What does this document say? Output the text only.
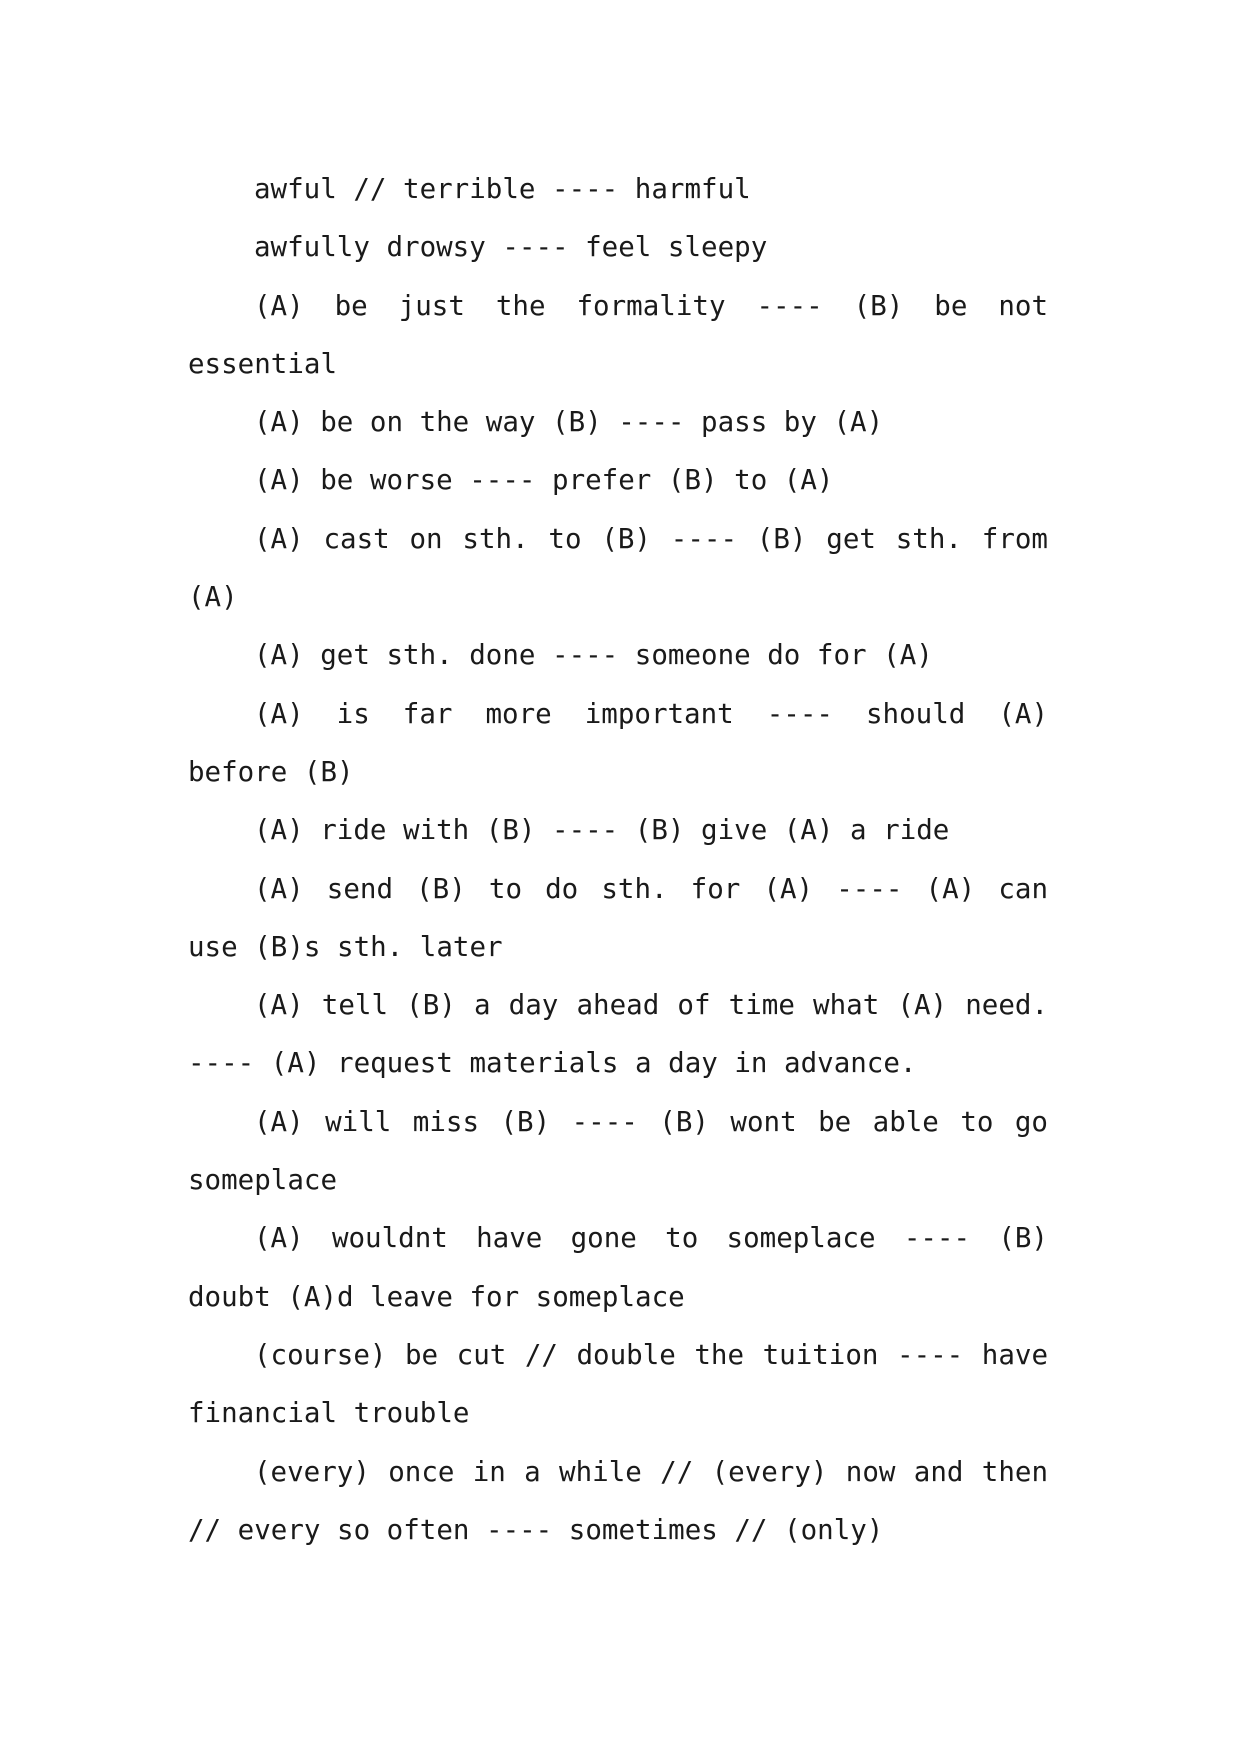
awful // terrible ---- harmful

awfully drowsy ---- feel sleepy

(A) be just the formality ---- (B) be not essential

(A) be on the way (B) ---- pass by (A)

(A) be worse ---- prefer (B) to (A)

(A) cast on sth. to (B) ---- (B) get sth. from (A)

(A) get sth. done ---- someone do for (A)

(A) is far more important ---- should (A) before (B)

(A) ride with (B) ---- (B) give (A) a ride

(A) send (B) to do sth. for (A) ---- (A) can use (B)s sth. later

(A) tell (B) a day ahead of time what (A) need. ---- (A) request materials a day in advance.

(A) will miss (B) ---- (B) wont be able to go someplace

(A) wouldnt have gone to someplace ---- (B) doubt (A)d leave for someplace

(course) be cut // double the tuition ---- have financial trouble

(every) once in a while // (every) now and then // every so often ---- sometimes // (only)
